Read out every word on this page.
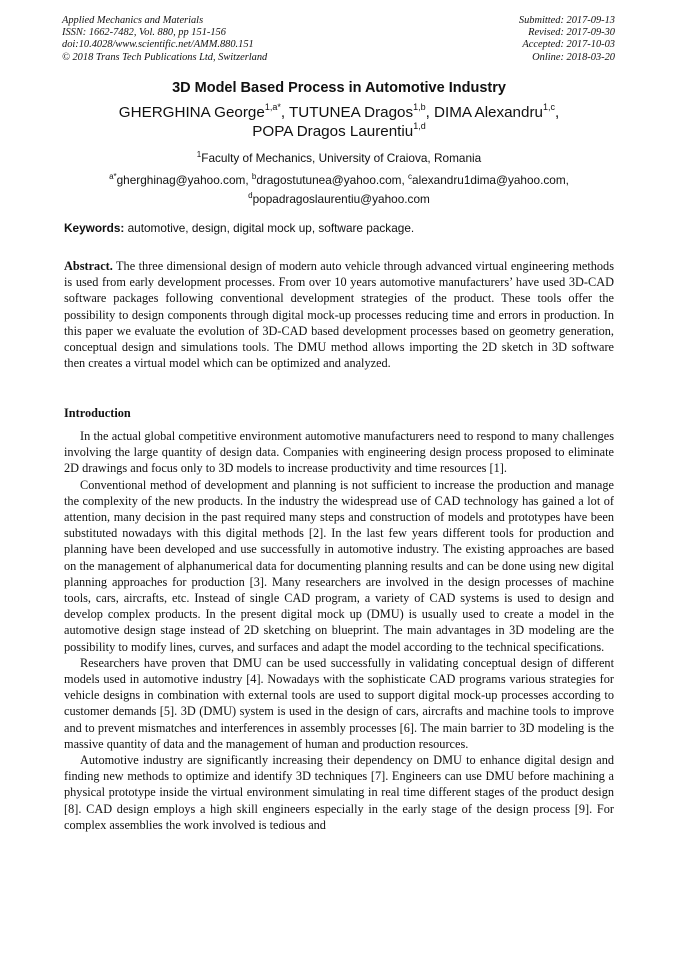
Applied Mechanics and Materials
ISSN: 1662-7482, Vol. 880, pp 151-156
doi:10.4028/www.scientific.net/AMM.880.151
© 2018 Trans Tech Publications Ltd, Switzerland
Submitted: 2017-09-13
Revised: 2017-09-30
Accepted: 2017-10-03
Online: 2018-03-20
3D Model Based Process in Automotive Industry
GHERGHINA George$^{1,a*}$, TUTUNEA Dragos$^{1,b}$, DIMA Alexandru$^{1,c}$,
POPA Dragos Laurentiu$^{1,d}$
$^1$Faculty of Mechanics, University of Craiova, Romania
$^{a*}$gherghinag@yahoo.com, $^b$dragostutunea@yahoo.com, $^c$alexandru1dima@yahoo.com,
$^d$popadragoslaurentiu@yahoo.com
Keywords: automotive, design, digital mock up, software package.
Abstract. The three dimensional design of modern auto vehicle through advanced virtual engineering methods is used from early development processes. From over 10 years automotive manufacturers’ have used 3D-CAD software packages following conventional development strategies of the product. These tools offer the possibility to design components through digital mock-up processes reducing time and errors in production. In this paper we evaluate the evolution of 3D-CAD based development processes based on geometry generation, conceptual design and simulations tools. The DMU method allows importing the 2D sketch in 3D software then creates a virtual model which can be optimized and analyzed.
Introduction

In the actual global competitive environment automotive manufacturers need to respond to many challenges involving the large quantity of design data. Companies with engineering design process proposed to eliminate 2D drawings and focus only to 3D models to increase productivity and time resources [1].

Conventional method of development and planning is not sufficient to increase the production and manage the complexity of the new products. In the industry the widespread use of CAD technology has gained a lot of attention, many decision in the past required many steps and construction of models and prototypes have been substituted nowadays with this digital methods [2]. In the last few years different tools for production and planning have been developed and use successfully in automotive industry. The existing approaches are based on the management of alphanumerical data for documenting planning results and can be done using new digital planning approaches for production [3]. Many researchers are involved in the design processes of machine tools, cars, aircrafts, etc. Instead of single CAD program, a variety of CAD systems is used to design and develop complex products. In the present digital mock up (DMU) is usually used to create a model in the automotive design stage instead of 2D sketching on blueprint. The main advantages in 3D modeling are the possibility to modify lines, curves, and surfaces and adapt the model according to the technical specifications.

Researchers have proven that DMU can be used successfully in validating conceptual design of different models used in automotive industry [4]. Nowadays with the sophisticate CAD programs various strategies for vehicle designs in combination with external tools are used to support digital mock-up processes according to customer demands [5]. 3D (DMU) system is used in the design of cars, aircrafts and machine tools to improve and to prevent mismatches and interferences in assembly processes [6]. The main barrier to 3D modeling is the massive quantity of data and the management of human and production resources.

Automotive industry are significantly increasing their dependency on DMU to enhance digital design and finding new methods to optimize and identify 3D techniques [7]. Engineers can use DMU before machining a physical prototype inside the virtual environment simulating in real time different stages of the product design [8]. CAD design employs a high skill engineers especially in the early stage of the design process [9]. For complex assemblies the work involved is tedious and
